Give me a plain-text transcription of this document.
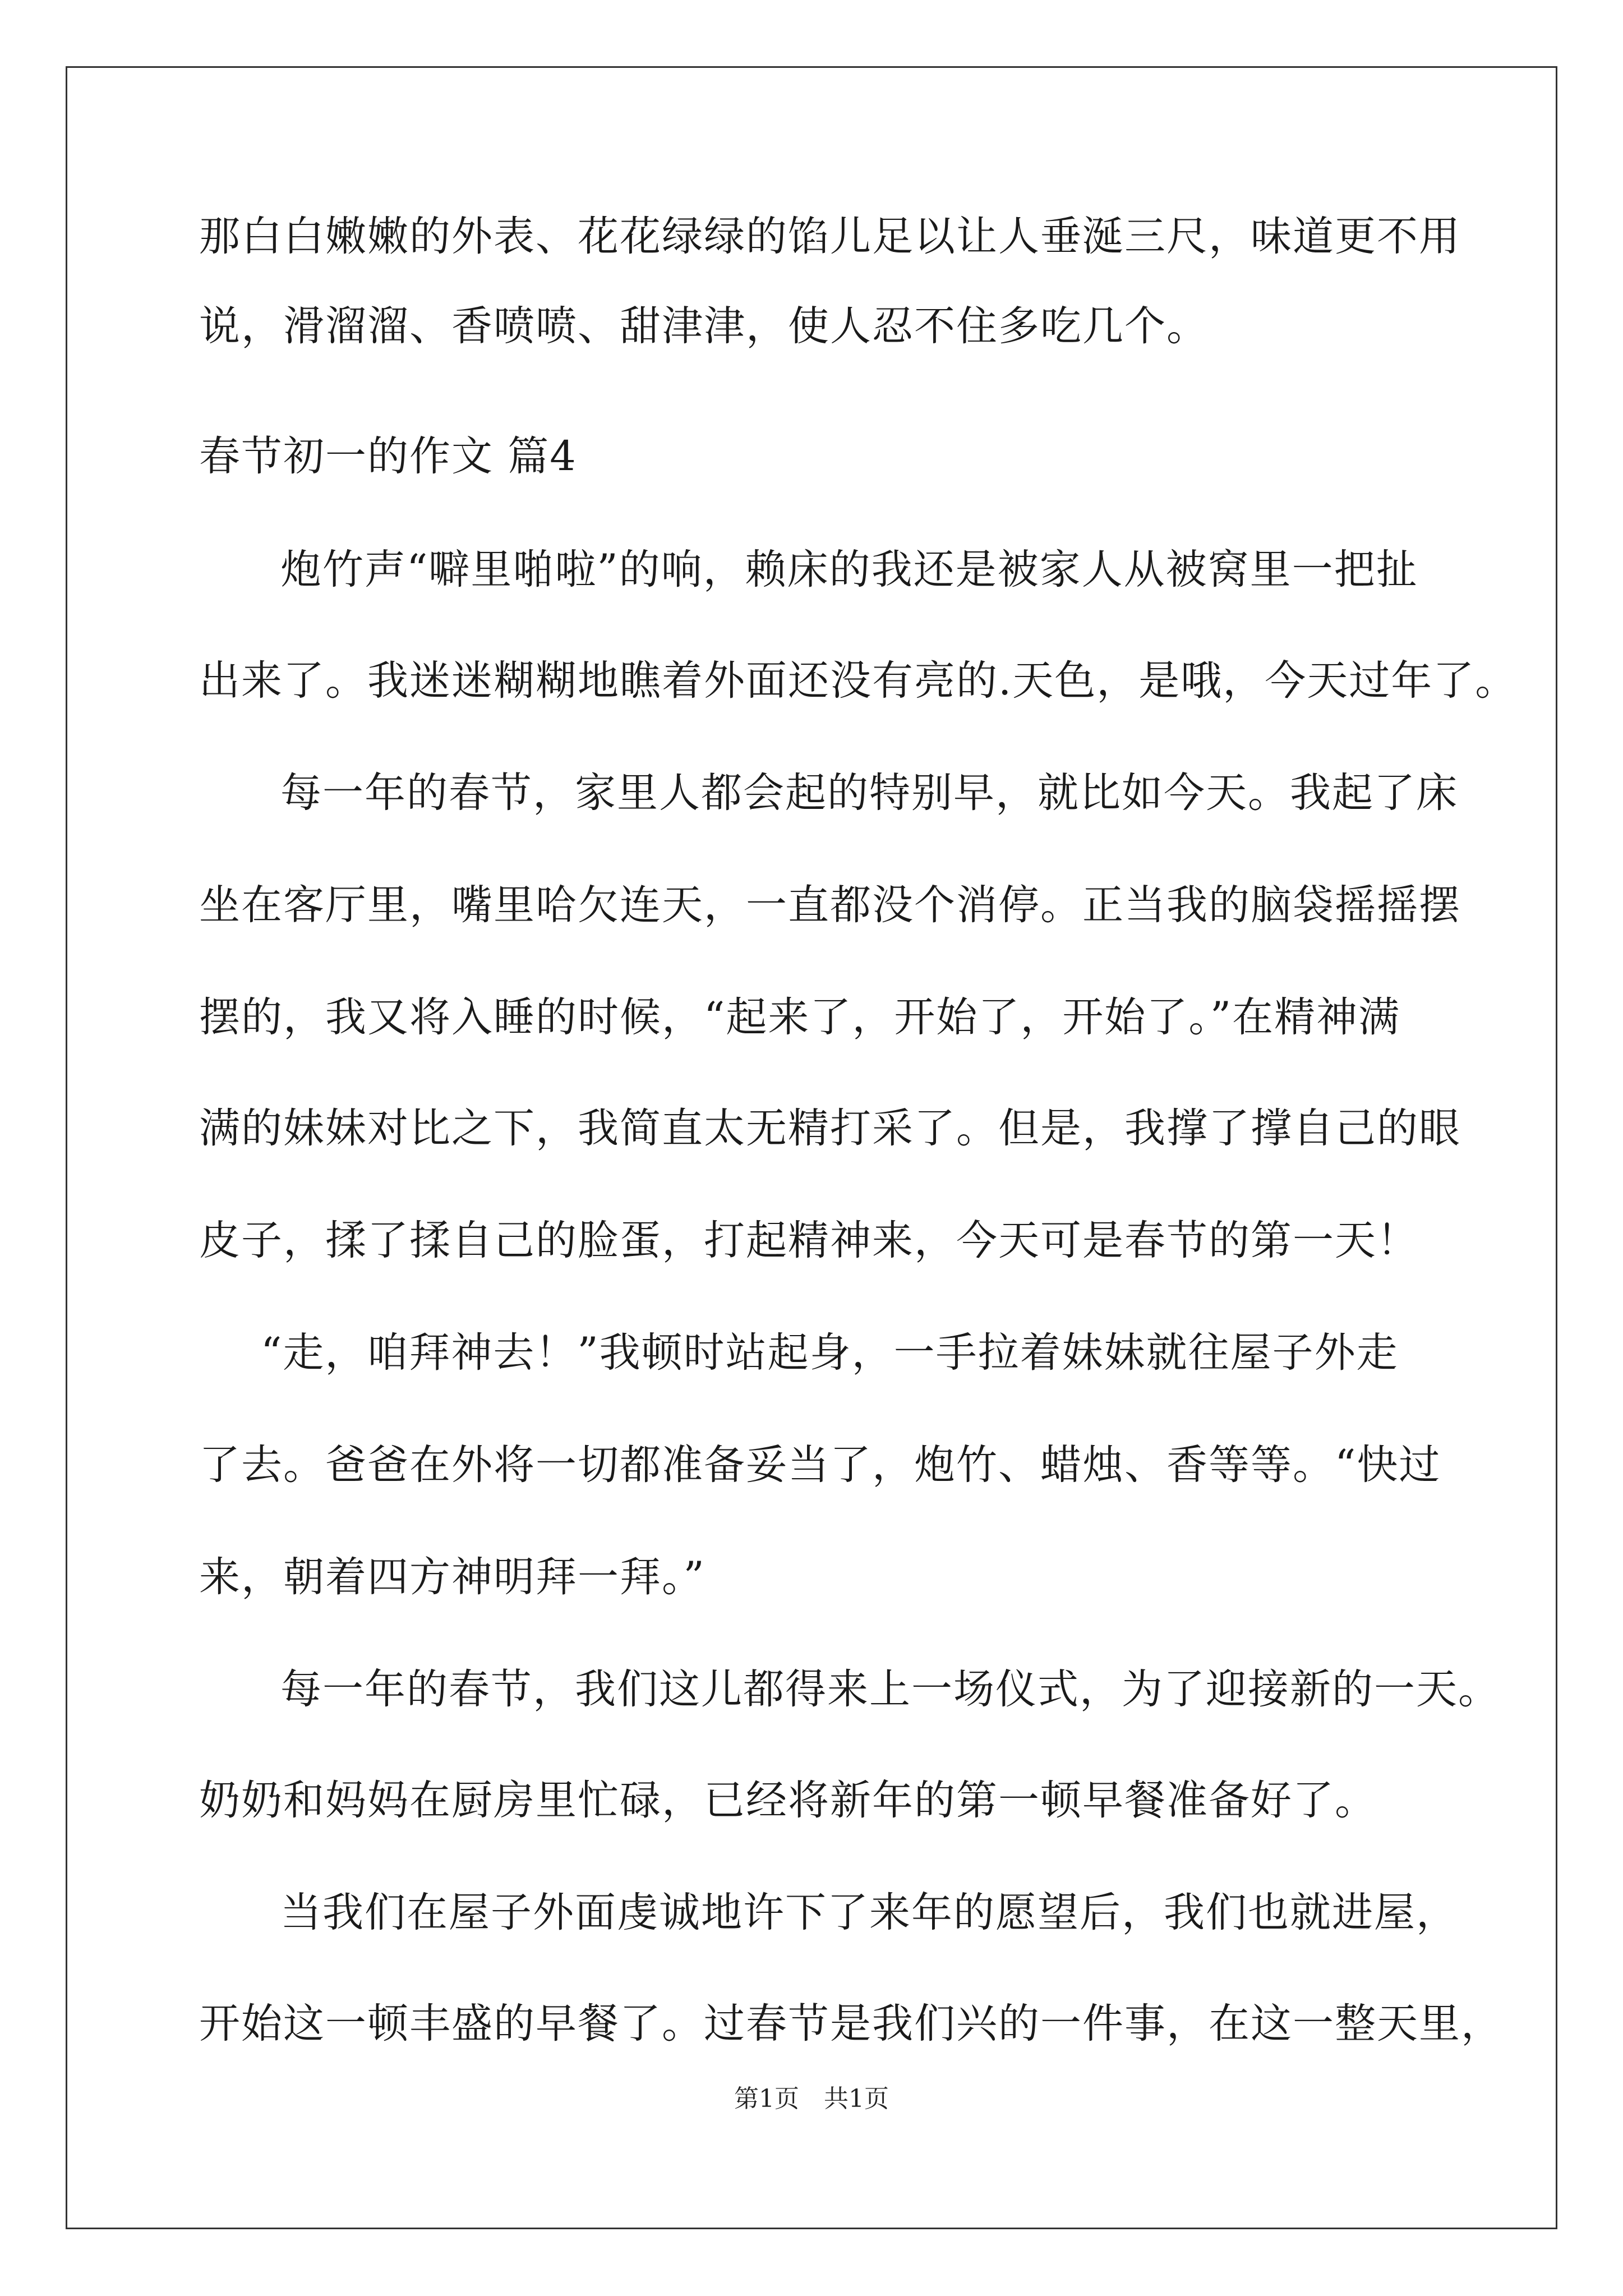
那白白嫩嫩的外表、花花绿绿的馅儿足以让人垂涎三尺，味道更不用
说，滑溜溜、香喷喷、甜津津，使人忍不住多吃几个。
春节初一的作文 篇4
炮竹声“噼里啪啦”的响，赖床的我还是被家人从被窝里一把扯
出来了。我迷迷糊糊地瞧着外面还没有亮的.天色，是哦，今天过年了。
每一年的春节，家里人都会起的特别早，就比如今天。我起了床
坐在客厅里，嘴里哈欠连天，一直都没个消停。正当我的脑袋摇摇摆
摆的，我又将入睡的时候，“起来了，开始了，开始了。”在精神满
满的妹妹对比之下，我简直太无精打采了。但是，我撑了撑自己的眼
皮子，揉了揉自己的脸蛋，打起精神来，今天可是春节的第一天！
“走，咱拜神去！”我顿时站起身，一手拉着妹妹就往屋子外走
了去。爸爸在外将一切都准备妥当了，炮竹、蜡烛、香等等。“快过
来，朝着四方神明拜一拜。”
每一年的春节，我们这儿都得来上一场仪式，为了迎接新的一天。
奶奶和妈妈在厨房里忙碌，已经将新年的第一顿早餐准备好了。
当我们在屋子外面虔诚地许下了来年的愿望后，我们也就进屋，
开始这一顿丰盛的早餐了。过春节是我们兴的一件事，在这一整天里，
第1页　共1页
